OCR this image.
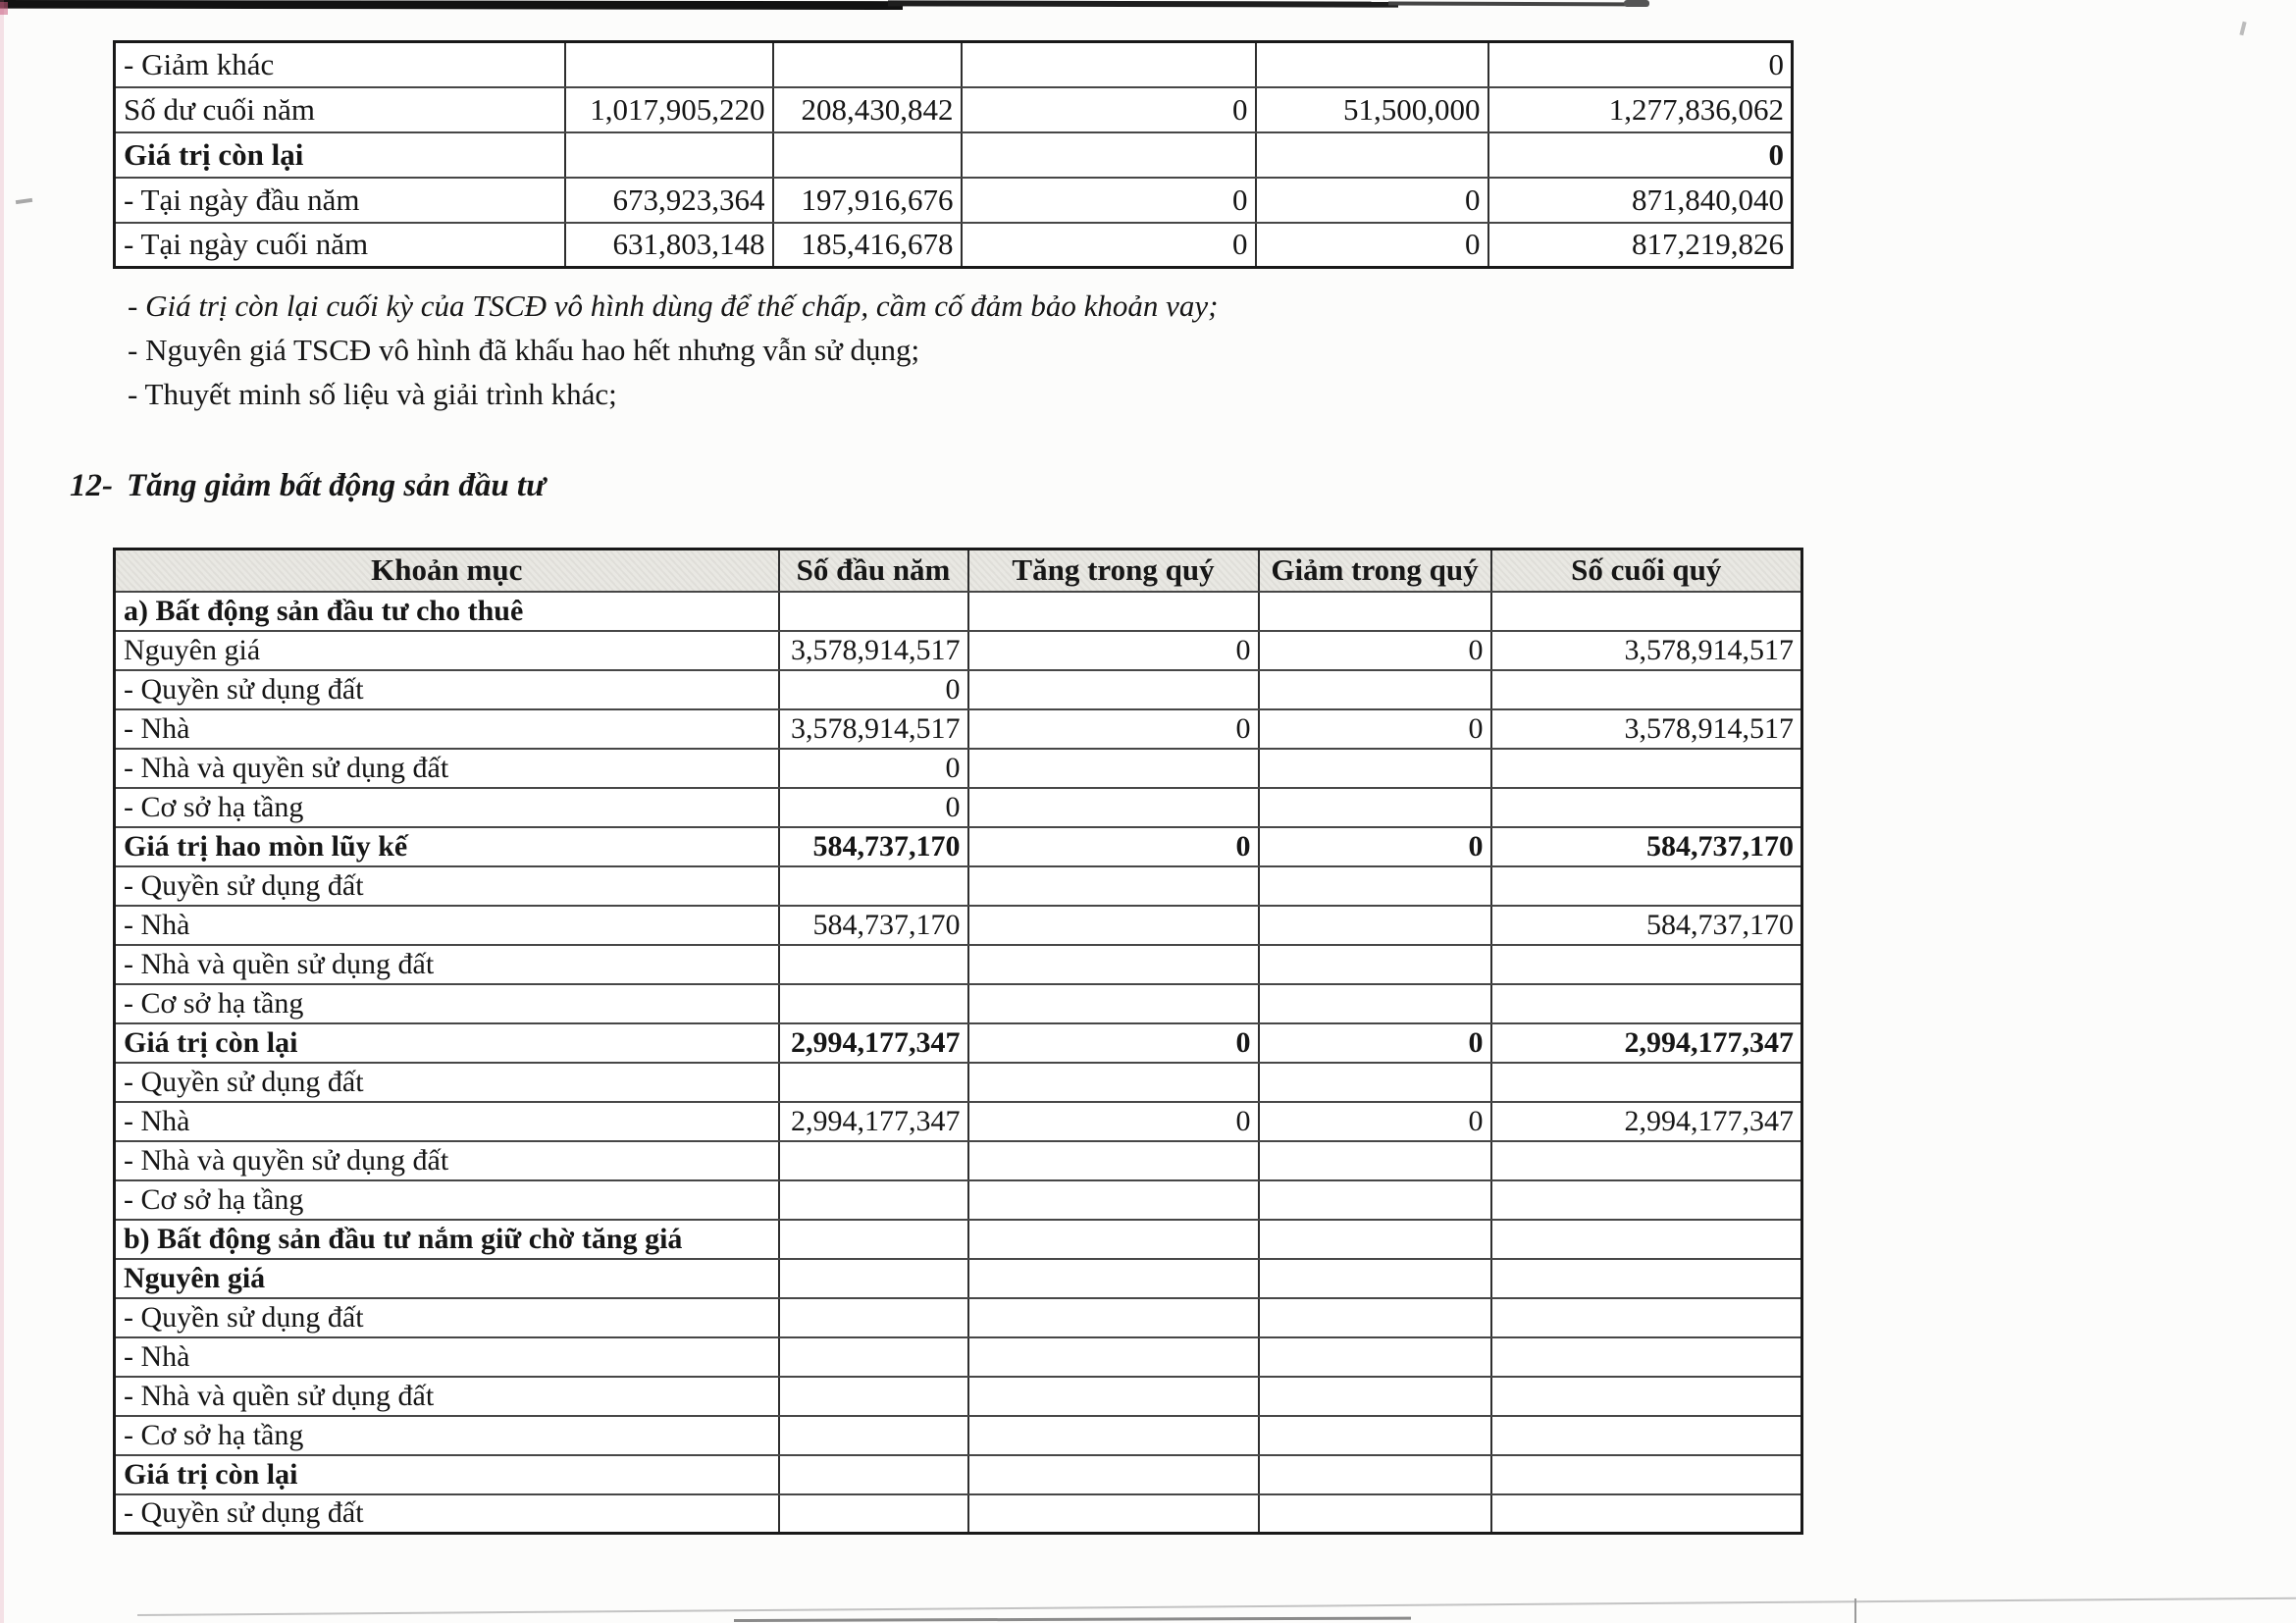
- Giảm khác					0
Số dư cuối năm	1,017,905,220	208,430,842	0	51,500,000	1,277,836,062
Giá trị còn lại					0
- Tại ngày đầu năm	673,923,364	197,916,676	0	0	871,840,040
- Tại ngày cuối năm	631,803,148	185,416,678	0	0	817,219,826
- Giá trị còn lại cuối kỳ của TSCĐ vô hình dùng để thế chấp, cầm cố đảm bảo khoản vay;
- Nguyên giá TSCĐ vô hình đã khấu hao hết nhưng vẫn sử dụng;
- Thuyết minh số liệu và giải trình khác;
12- Tăng giảm bất động sản đầu tư
Khoản mục	Số đầu năm	Tăng trong quý	Giảm trong quý	Số cuối quý
a) Bất động sản đầu tư cho thuê				
Nguyên giá	3,578,914,517	0	0	3,578,914,517
- Quyền sử dụng đất	0			
- Nhà	3,578,914,517	0	0	3,578,914,517
- Nhà và quyền sử dụng đất	0			
- Cơ sở hạ tầng	0			
Giá trị hao mòn lũy kế	584,737,170	0	0	584,737,170
- Quyền sử dụng đất				
- Nhà	584,737,170			584,737,170
- Nhà và quền sử dụng đất				
- Cơ sở hạ tầng				
Giá trị còn lại	2,994,177,347	0	0	2,994,177,347
- Quyền sử dụng đất				
- Nhà	2,994,177,347	0	0	2,994,177,347
- Nhà và quyền sử dụng đất				
- Cơ sở hạ tầng				
b) Bất động sản đầu tư nắm giữ chờ tăng giá				
Nguyên giá				
- Quyền sử dụng đất				
- Nhà				
- Nhà và quền sử dụng đất				
- Cơ sở hạ tầng				
Giá trị còn lại				
- Quyền sử dụng đất				
